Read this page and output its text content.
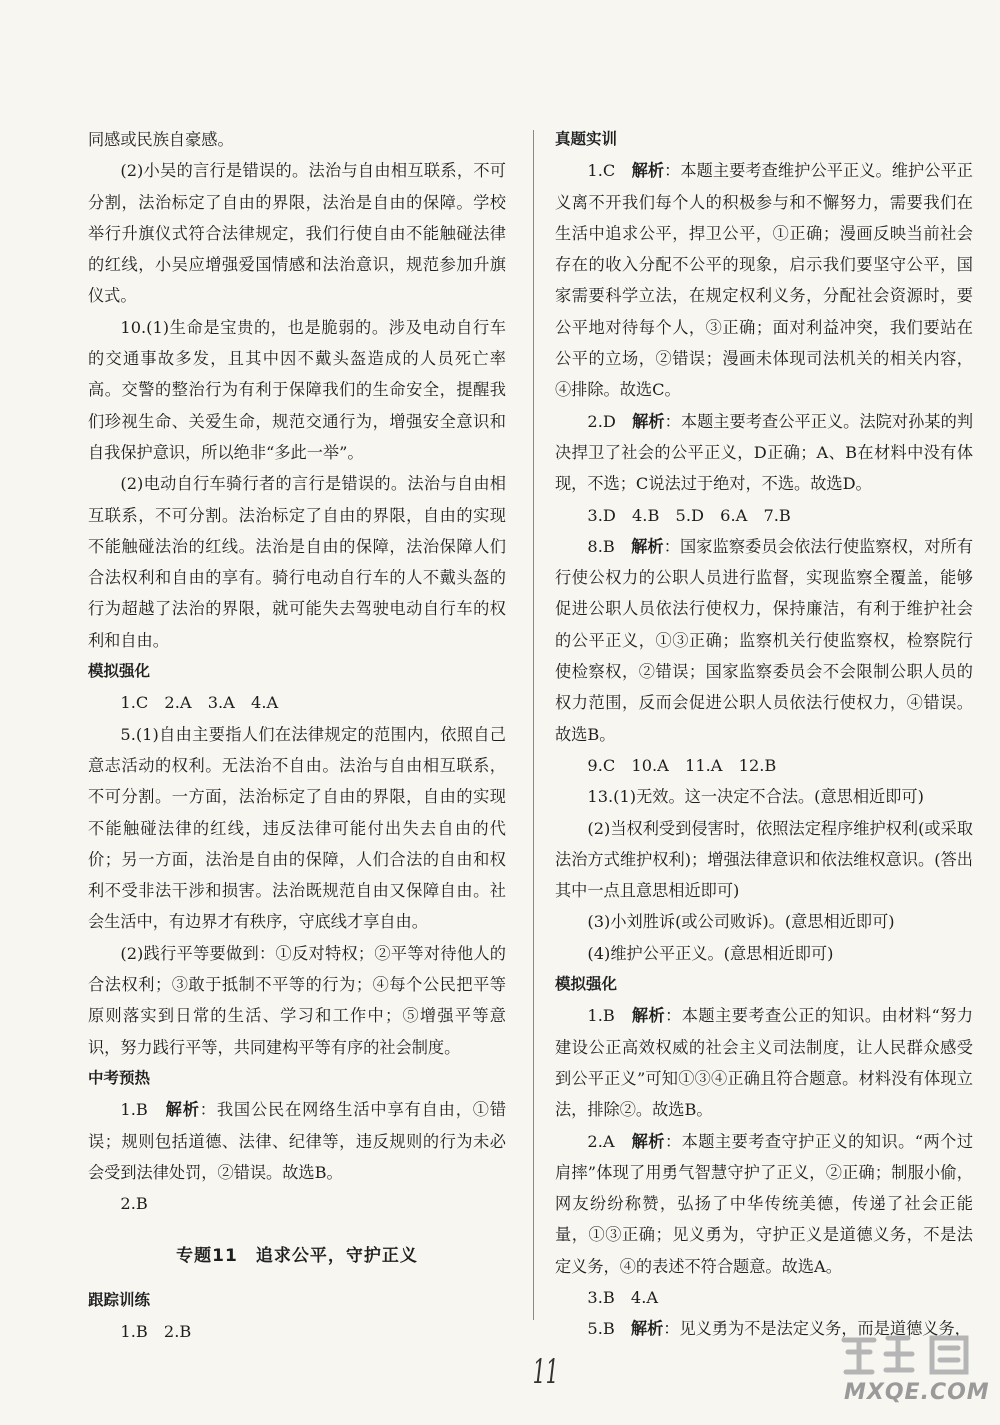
同感或民族自豪感。

(2)小吴的言行是错误的。法治与自由相互联系，不可分割，法治标定了自由的界限，法治是自由的保障。学校举行升旗仪式符合法律规定，我们行使自由不能触碰法律的红线，小吴应增强爱国情感和法治意识，规范参加升旗仪式。

10.(1)生命是宝贵的，也是脆弱的。涉及电动自行车的交通事故多发，且其中因不戴头盔造成的人员死亡率高。交警的整治行为有利于保障我们的生命安全，提醒我们珍视生命、关爱生命，规范交通行为，增强安全意识和自我保护意识，所以绝非“多此一举”。

(2)电动自行车骑行者的言行是错误的。法治与自由相互联系，不可分割。法治标定了自由的界限，自由的实现不能触碰法治的红线。法治是自由的保障，法治保障人们合法权利和自由的享有。骑行电动自行车的人不戴头盔的行为超越了法治的界限，就可能失去驾驶电动自行车的权利和自由。

模拟强化

1.C　2.A　3.A　4.A

5.(1)自由主要指人们在法律规定的范围内，依照自己意志活动的权利。无法治不自由。法治与自由相互联系，不可分割。一方面，法治标定了自由的界限，自由的实现不能触碰法律的红线，违反法律可能付出失去自由的代价；另一方面，法治是自由的保障，人们合法的自由和权利不受非法干涉和损害。法治既规范自由又保障自由。社会生活中，有边界才有秩序，守底线才享自由。

(2)践行平等要做到：①反对特权；②平等对待他人的合法权利；③敢于抵制不平等的行为；④每个公民把平等原则落实到日常的生活、学习和工作中；⑤增强平等意识，努力践行平等，共同建构平等有序的社会制度。

中考预热

1.B　解析：我国公民在网络生活中享有自由，①错误；规则包括道德、法律、纪律等，违反规则的行为未必会受到法律处罚，②错误。故选B。

2.B

专题11　追求公平，守护正义

跟踪训练

1.B　2.B

真题实训

1.C　解析：本题主要考查维护公平正义。维护公平正义离不开我们每个人的积极参与和不懈努力，需要我们在生活中追求公平，捍卫公平，①正确；漫画反映当前社会存在的收入分配不公平的现象，启示我们要坚守公平，国家需要科学立法，在规定权利义务，分配社会资源时，要公平地对待每个人，③正确；面对利益冲突，我们要站在公平的立场，②错误；漫画未体现司法机关的相关内容，④排除。故选C。

2.D　解析：本题主要考查公平正义。法院对孙某的判决捍卫了社会的公平正义，D正确；A、B在材料中没有体现，不选；C说法过于绝对，不选。故选D。

3.D　4.B　5.D　6.A　7.B

8.B　解析：国家监察委员会依法行使监察权，对所有行使公权力的公职人员进行监督，实现监察全覆盖，能够促进公职人员依法行使权力，保持廉洁，有利于维护社会的公平正义，①③正确；监察机关行使监察权，检察院行使检察权，②错误；国家监察委员会不会限制公职人员的权力范围，反而会促进公职人员依法行使权力，④错误。故选B。

9.C　10.A　11.A　12.B

13.(1)无效。这一决定不合法。(意思相近即可)

(2)当权利受到侵害时，依照法定程序维护权利(或采取法治方式维护权利)；增强法律意识和依法维权意识。(答出其中一点且意思相近即可)

(3)小刘胜诉(或公司败诉)。(意思相近即可)

(4)维护公平正义。(意思相近即可)

模拟强化

1.B　解析：本题主要考查公正的知识。由材料“努力建设公正高效权威的社会主义司法制度，让人民群众感受到公平正义”可知①③④正确且符合题意。材料没有体现立法，排除②。故选B。

2.A　解析：本题主要考查守护正义的知识。“两个过肩摔”体现了用勇气智慧守护了正义，②正确；制服小偷，网友纷纷称赞，弘扬了中华传统美德，传递了社会正能量，①③正确；见义勇为，守护正义是道德义务，不是法定义务，④的表述不符合题意。故选A。

3.B　4.A

5.B　解析：见义勇为不是法定义务，而是道德义务，

11
MXQE.COM
